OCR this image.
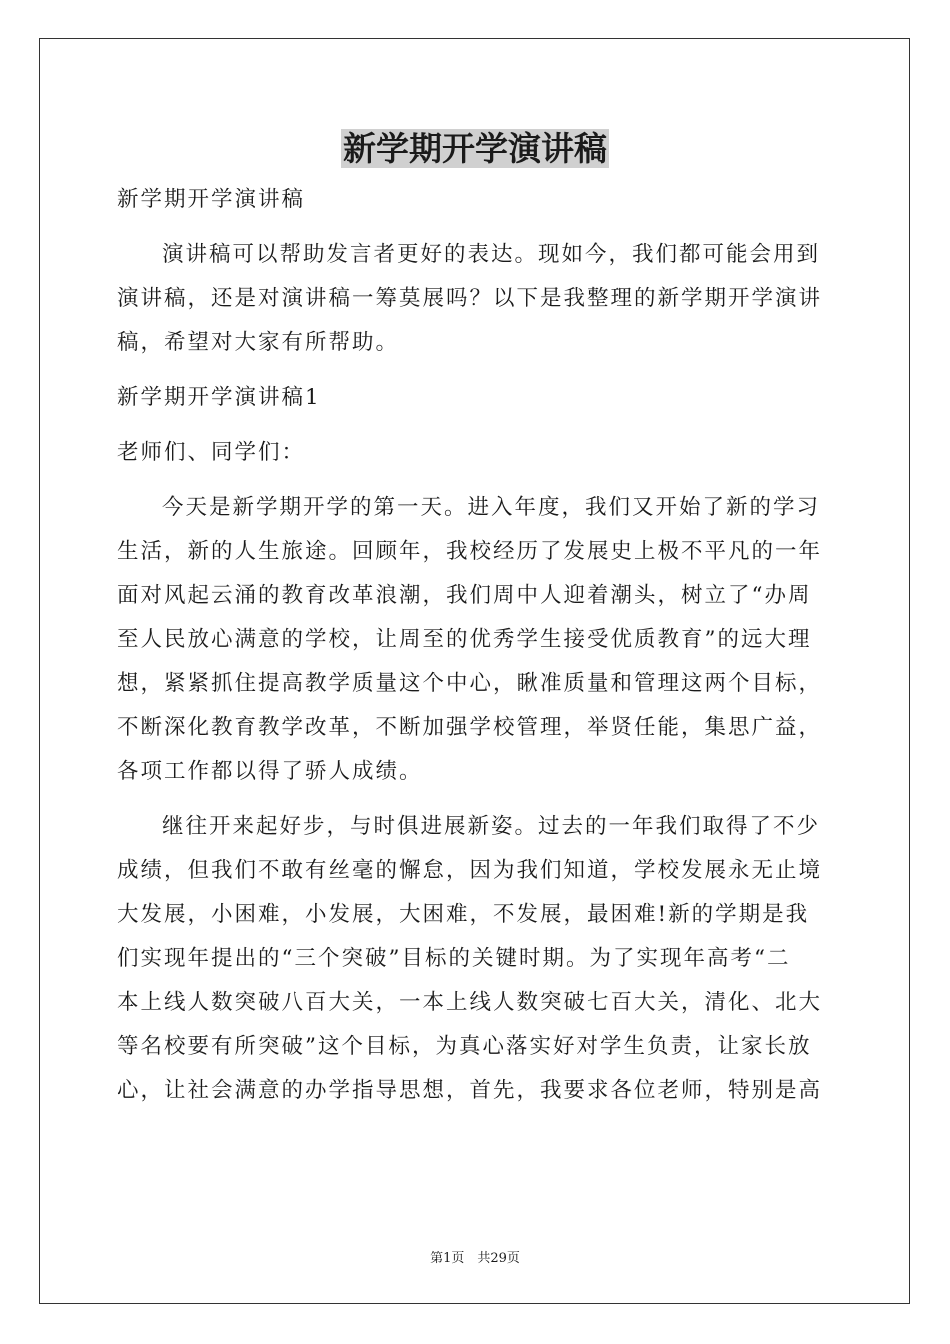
新学期开学演讲稿
新学期开学演讲稿
演讲稿可以帮助发言者更好的表达。现如今，我们都可能会用到
演讲稿，还是对演讲稿一筹莫展吗？以下是我整理的新学期开学演讲
稿，希望对大家有所帮助。
新学期开学演讲稿1
老师们、同学们：
今天是新学期开学的第一天。进入年度，我们又开始了新的学习
生活，新的人生旅途。回顾年，我校经历了发展史上极不平凡的一年
面对风起云涌的教育改革浪潮，我们周中人迎着潮头，树立了“办周
至人民放心满意的学校，让周至的优秀学生接受优质教育”的远大理
想，紧紧抓住提高教学质量这个中心，瞅准质量和管理这两个目标，
不断深化教育教学改革，不断加强学校管理，举贤任能，集思广益，
各项工作都以得了骄人成绩。
继往开来起好步，与时俱进展新姿。过去的一年我们取得了不少
成绩，但我们不敢有丝毫的懈怠，因为我们知道，学校发展永无止境
大发展，小困难，小发展，大困难，不发展，最困难!新的学期是我
们实现年提出的“三个突破”目标的关键时期。为了实现年高考“二
本上线人数突破八百大关，一本上线人数突破七百大关，清化、北大
等名校要有所突破”这个目标，为真心落实好对学生负责，让家长放
心，让社会满意的办学指导思想，首先，我要求各位老师，特别是高
第1页　共29页
